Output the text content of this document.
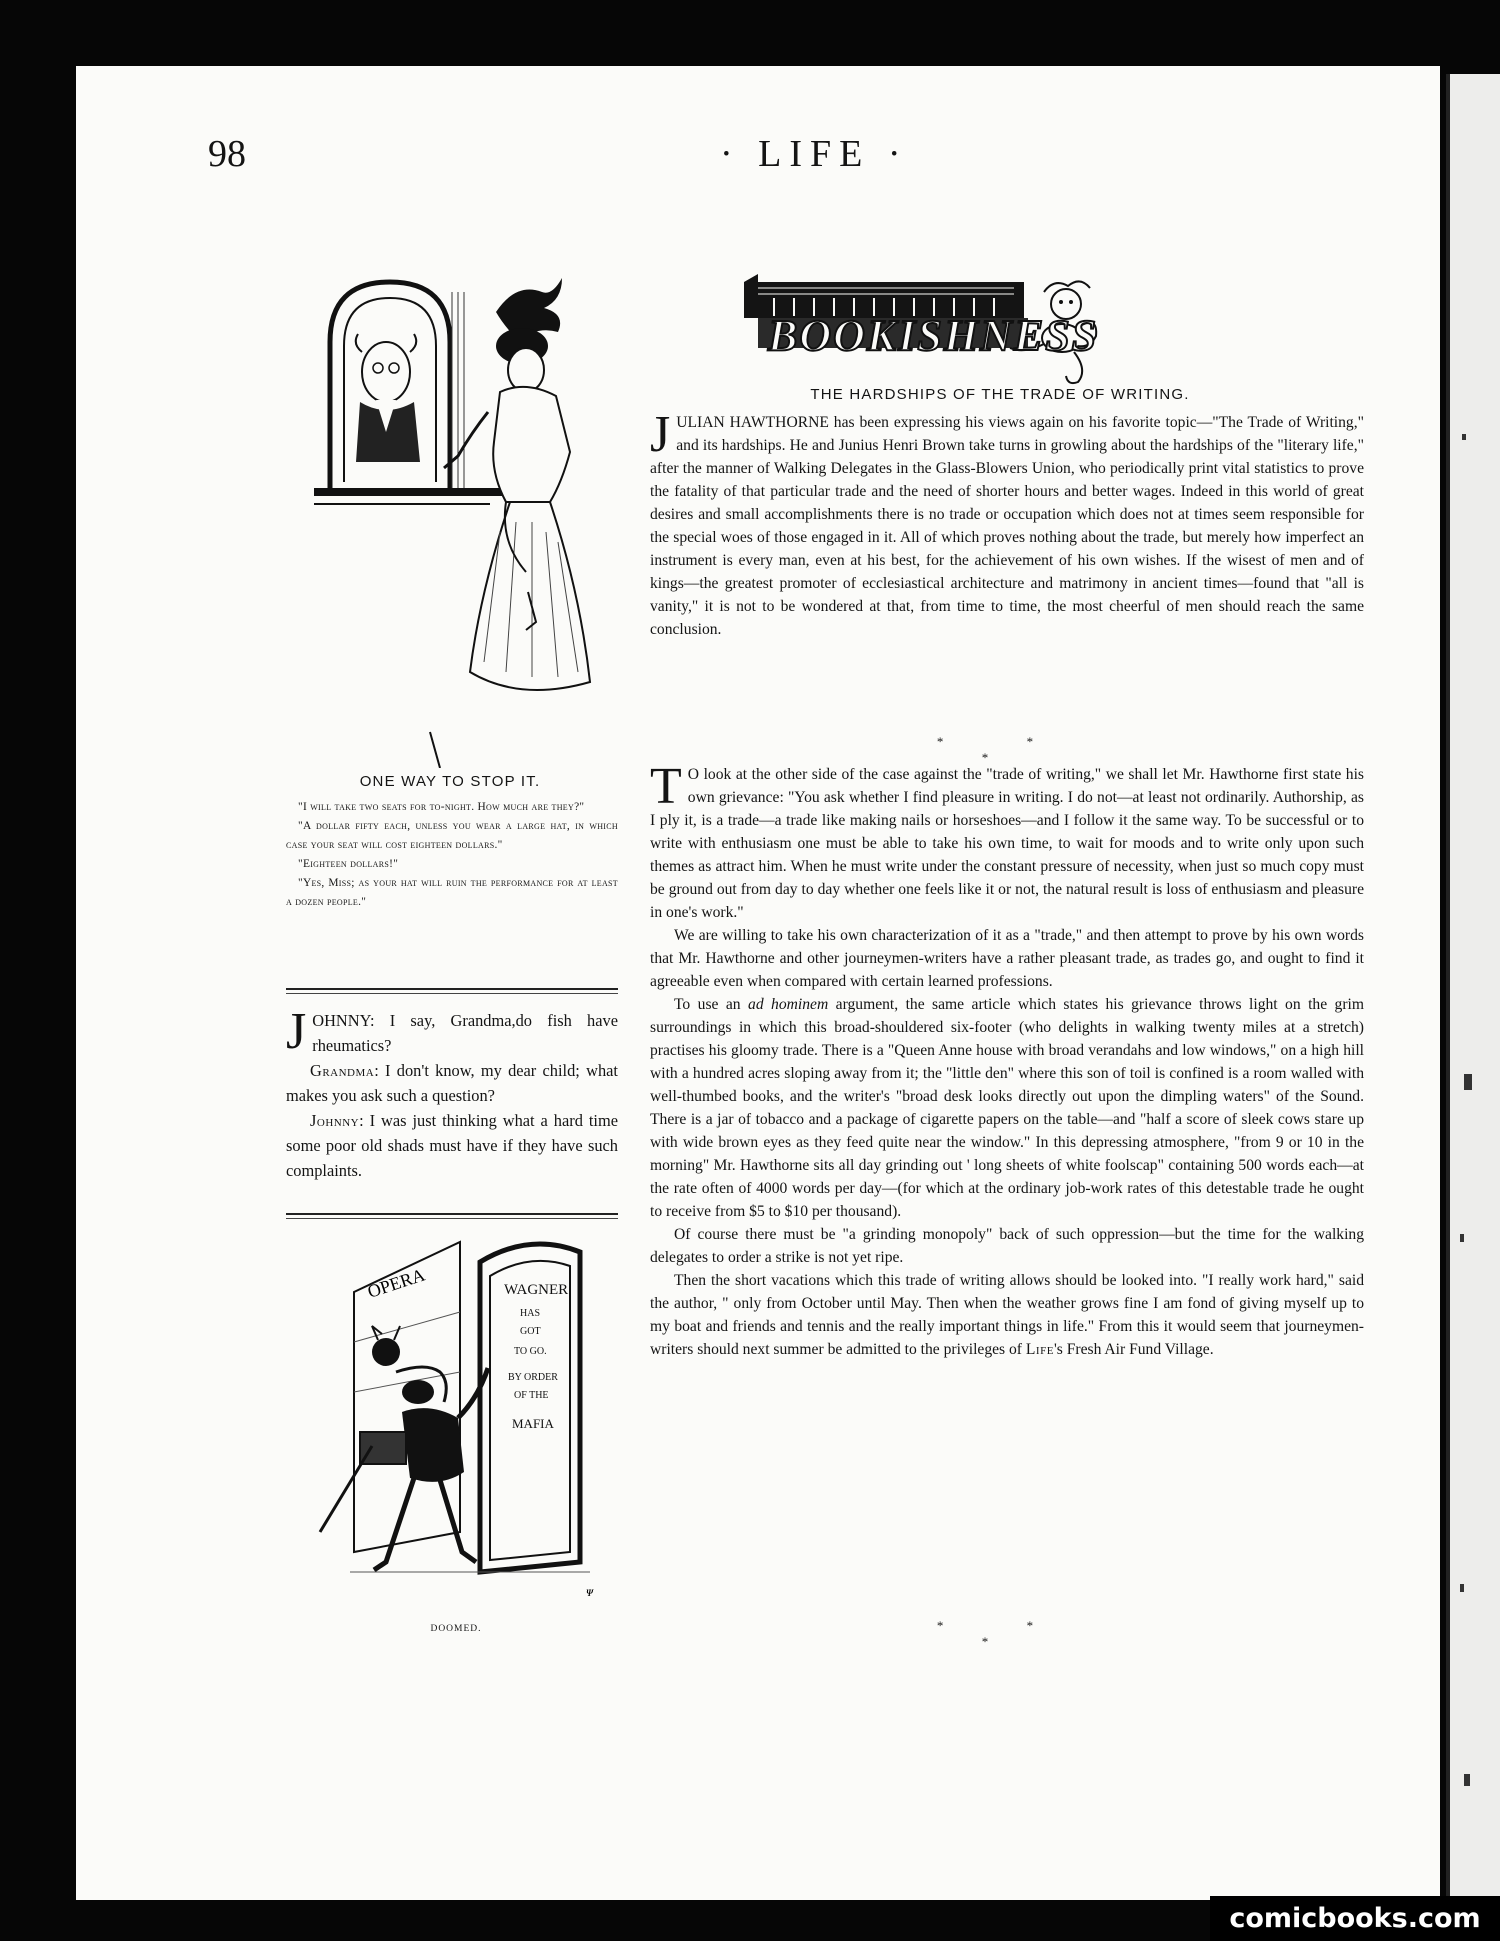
98	· LIFE ·
BOOKISHNESS
THE HARDSHIPS OF THE TRADE OF WRITING.

JULIAN HAWTHORNE has been expressing his views again on his favorite topic—"The Trade of Writing," and its hardships. He and Junius Henri Brown take turns in growling about the hardships of the "literary life," after the manner of Walking Delegates in the Glass-Blowers Union, who periodically print vital statistics to prove the fatality of that particular trade and the need of shorter hours and better wages. Indeed in this world of great desires and small accomplishments there is no trade or occupation which does not at times seem responsible for the special woes of those engaged in it. All of which proves nothing about the trade, but merely how imperfect an instrument is every man, even at his best, for the achievement of his own wishes. If the wisest of men and of kings—the greatest promoter of ecclesiastical architecture and matrimony in ancient times—found that "all is vanity," it is not to be wondered at that, from time to time, the most cheerful of men should reach the same conclusion.

* * *

T O look at the other side of the case against the "trade of writing," we shall let Mr. Hawthorne first state his own grievance: "You ask whether I find pleasure in writing. I do not—at least not ordinarily. Authorship, as I ply it, is a trade—a trade like making nails or horseshoes—and I follow it the same way. To be successful or to write with enthusiasm one must be able to take his own time, to wait for moods and to write only upon such themes as attract him. When he must write under the constant pressure of necessity, when just so much copy must be ground out from day to day whether one feels like it or not, the natural result is loss of enthusiasm and pleasure in one's work."

We are willing to take his own characterization of it as a "trade," and then attempt to prove by his own words that Mr. Hawthorne and other journeymen-writers have a rather pleasant trade, as trades go, and ought to find it agreeable even when compared with certain learned professions.

To use an ad hominem argument, the same article which states his grievance throws light on the grim surroundings in which this broad-shouldered six-footer (who delights in walking twenty miles at a stretch) practises his gloomy trade. There is a "Queen Anne house with broad verandahs and low windows," on a high hill with a hundred acres sloping away from it; the "little den" where this son of toil is confined is a room walled with well-thumbed books, and the writer's "broad desk looks directly out upon the dimpling waters" of the Sound. There is a jar of tobacco and a package of cigarette papers on the table—and "half a score of sleek cows stare up with wide brown eyes as they feed quite near the window." In this depressing atmosphere, "from 9 or 10 in the morning" Mr. Hawthorne sits all day grinding out ' long sheets of white foolscap" containing 500 words each—at the rate often of 4000 words per day—(for which at the ordinary job-work rates of this detestable trade he ought to receive from $5 to $10 per thousand).

Of course there must be "a grinding monopoly" back of such oppression—but the time for the walking delegates to order a strike is not yet ripe.

Then the short vacations which this trade of writing allows should be looked into. "I really work hard," said the author, " only from October until May. Then when the weather grows fine I am fond of giving myself up to my boat and friends and tennis and the really important things in life." From this it would seem that journeymen-writers should next summer be admitted to the privileges of Life's Fresh Air Fund Village.

* * *
ONE WAY TO STOP IT.

"I will take two seats for to-night. How much are they?"

"A dollar fifty each, unless you wear a large hat, in which case your seat will cost eighteen dollars."

"Eighteen dollars!"

"Yes, Miss; as your hat will ruin the performance for at least a dozen people."

JOHNNY: I say, Grandma,do fish have rheumatics?

Grandma: I don't know, my dear child; what makes you ask such a question?

Johnny: I was just thinking what a hard time some poor old shads must have if they have such complaints.

OPERA	WAGNER
HAS
GOT
TO GO.
BY ORDER
OF THE
MAFIA
ᴪ
DOOMED.
comicbooks.com
